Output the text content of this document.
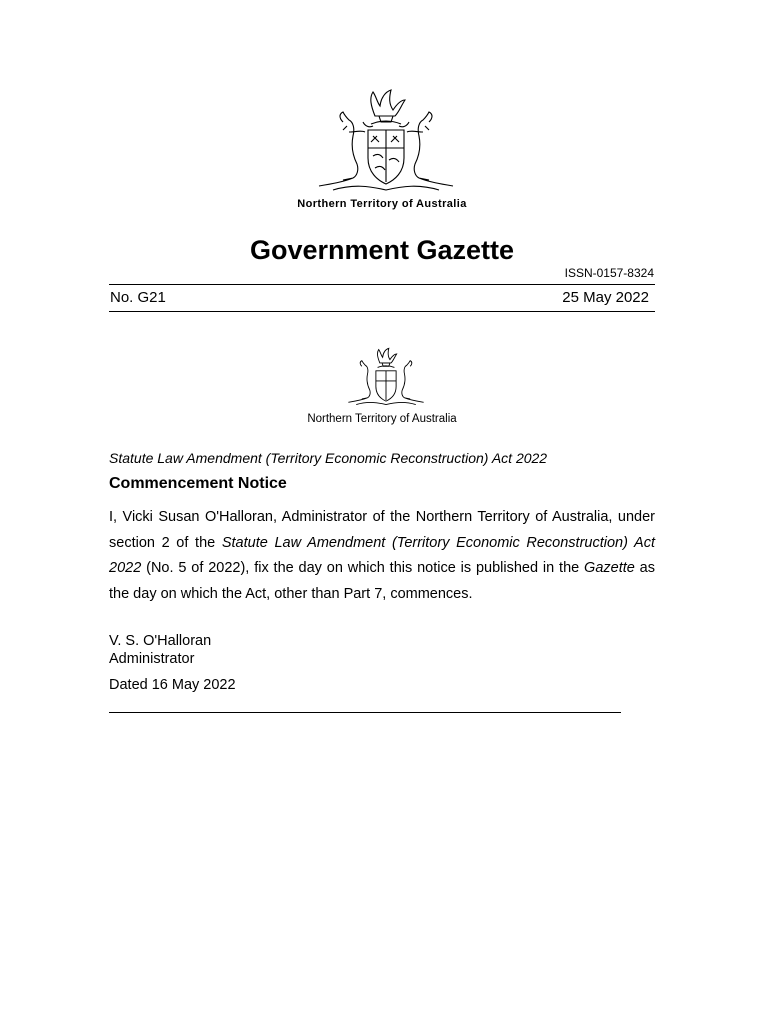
Northern Territory of Australia
Government Gazette
ISSN-0157-8324
No. G21	25 May 2022
Northern Territory of Australia
Statute Law Amendment (Territory Economic Reconstruction) Act 2022
Commencement Notice
I, Vicki Susan O'Halloran, Administrator of the Northern Territory of Australia, under section 2 of the Statute Law Amendment (Territory Economic Reconstruction) Act 2022 (No. 5 of 2022), fix the day on which this notice is published in the Gazette as the day on which the Act, other than Part 7, commences.
V. S. O'Halloran
Administrator
Dated 16 May 2022
